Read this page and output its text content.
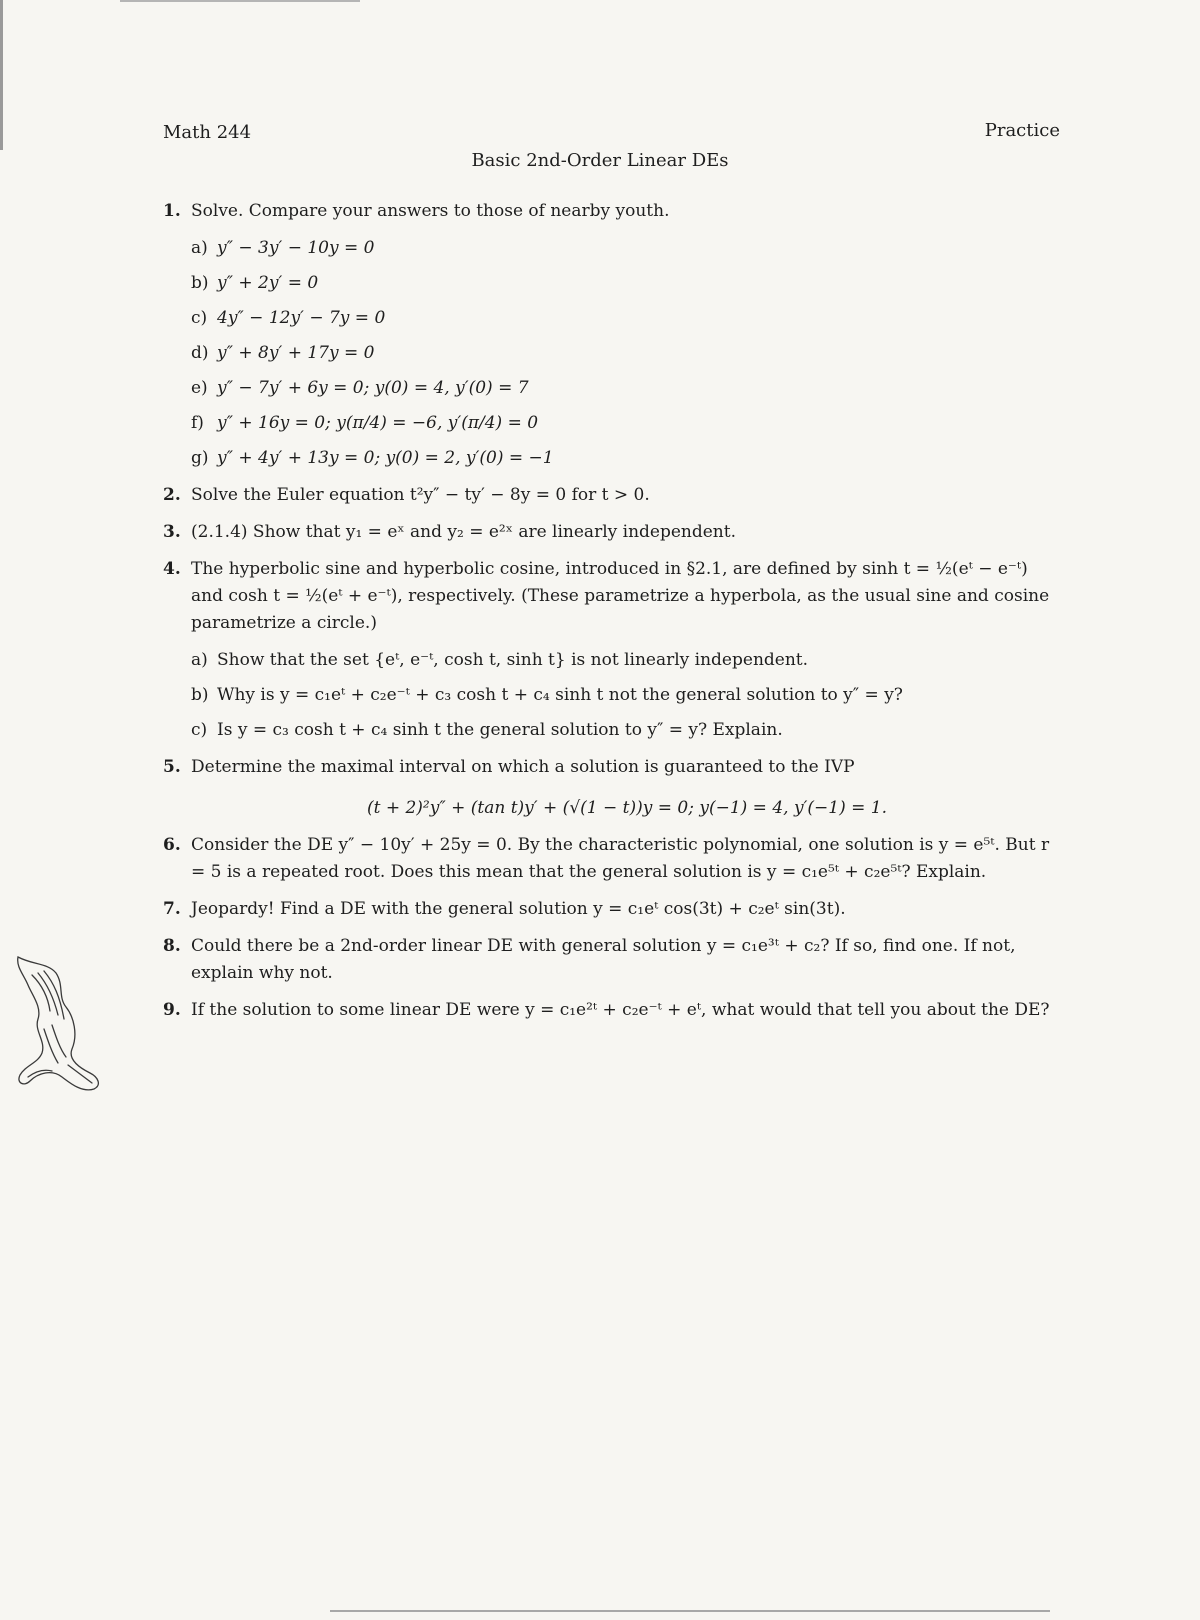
Math 244	Practice
Basic 2nd-Order Linear DEs
1. Solve. Compare your answers to those of nearby youth.

a) y″ − 3y′ − 10y = 0
b) y″ + 2y′ = 0
c) 4y″ − 12y′ − 7y = 0
d) y″ + 8y′ + 17y = 0
e) y″ − 7y′ + 6y = 0; y(0) = 4, y′(0) = 7
f) y″ + 16y = 0; y(π/4) = −6, y′(π/4) = 0
g) y″ + 4y′ + 13y = 0; y(0) = 2, y′(0) = −1
2. Solve the Euler equation t²y″ − ty′ − 8y = 0 for t > 0.

3. (2.1.4) Show that y₁ = eˣ and y₂ = e²ˣ are linearly independent.

4. The hyperbolic sine and hyperbolic cosine, introduced in §2.1, are defined by sinh t = ½(eᵗ − e⁻ᵗ) and cosh t = ½(eᵗ + e⁻ᵗ), respectively. (These parametrize a hyperbola, as the usual sine and cosine parametrize a circle.)

a) Show that the set {eᵗ, e⁻ᵗ, cosh t, sinh t} is not linearly independent.
b) Why is y = c₁eᵗ + c₂e⁻ᵗ + c₃ cosh t + c₄ sinh t not the general solution to y″ = y?
c) Is y = c₃ cosh t + c₄ sinh t the general solution to y″ = y? Explain.
5. Determine the maximal interval on which a solution is guaranteed to the IVP

(t + 2)²y″ + (tan t)y′ + (√(1 − t))y = 0; y(−1) = 4, y′(−1) = 1.
6. Consider the DE y″ − 10y′ + 25y = 0. By the characteristic polynomial, one solution is y = e⁵ᵗ. But r = 5 is a repeated root. Does this mean that the general solution is y = c₁e⁵ᵗ + c₂e⁵ᵗ? Explain.

7. Jeopardy! Find a DE with the general solution y = c₁eᵗ cos(3t) + c₂eᵗ sin(3t).

8. Could there be a 2nd-order linear DE with general solution y = c₁e³ᵗ + c₂? If so, find one. If not, explain why not.

9. If the solution to some linear DE were y = c₁e²ᵗ + c₂e⁻ᵗ + eᵗ, what would that tell you about the DE?
